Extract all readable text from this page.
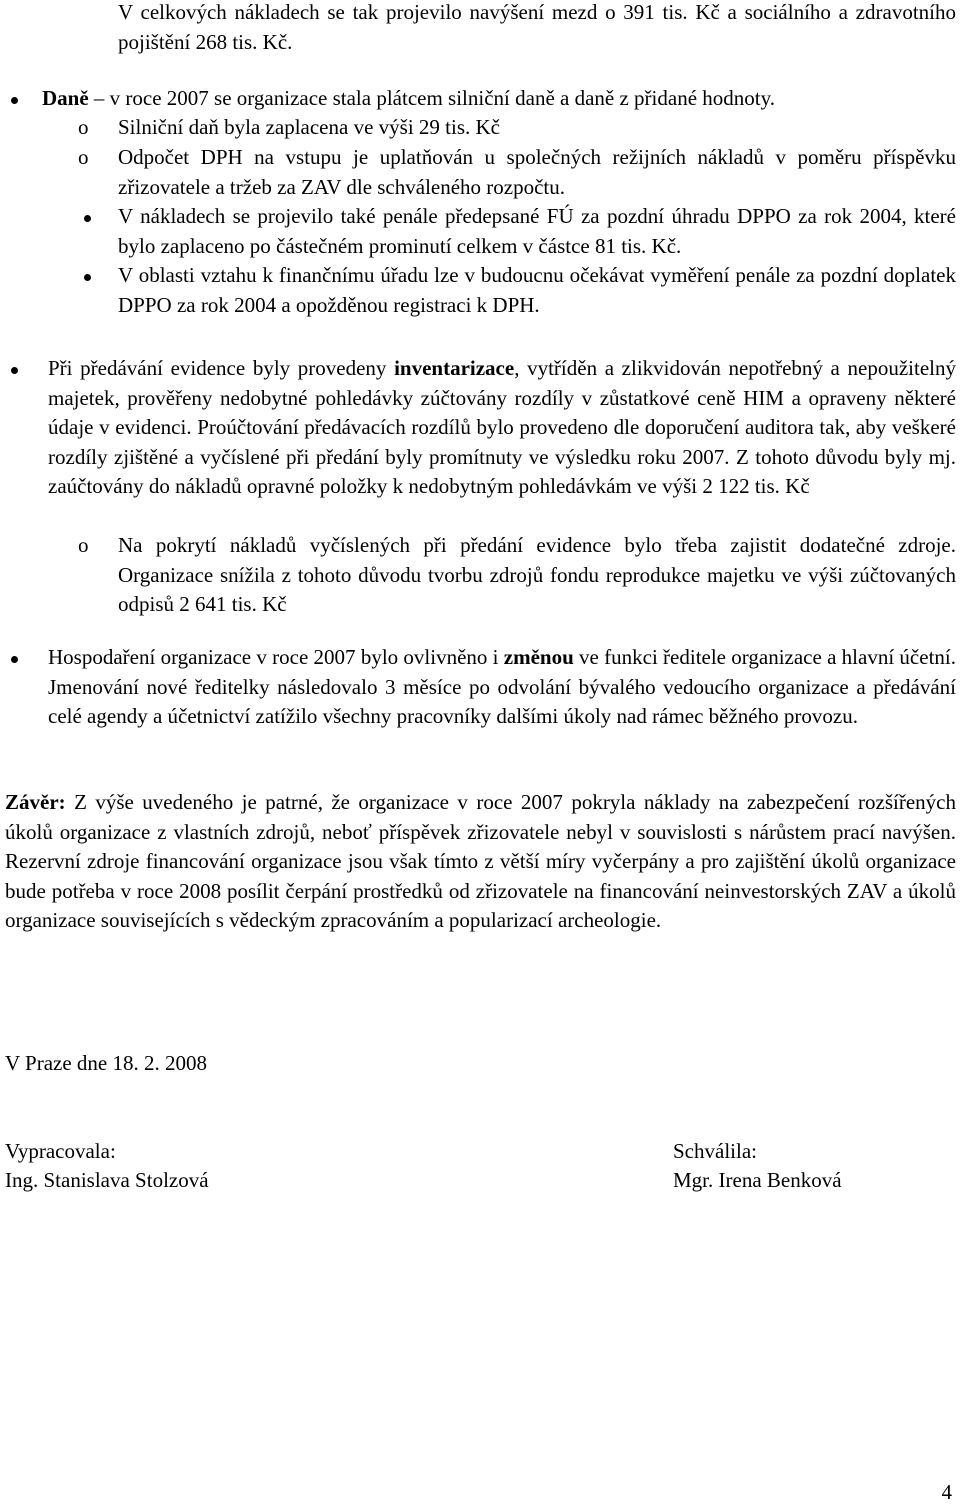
V celkových nákladech se tak projevilo navýšení mezd o 391 tis. Kč a sociálního a zdravotního pojištění 268 tis. Kč.

Daně – v roce 2007 se organizace stala plátcem silniční daně a daně z přidané hodnoty.

o Silniční daň byla zaplacena ve výši 29 tis. Kč

o Odpočet DPH na vstupu je uplatňován u společných režijních nákladů v poměru příspěvku zřizovatele a tržeb za ZAV dle schváleného rozpočtu.

V nákladech se projevilo také penále předepsané FÚ za pozdní úhradu DPPO za rok 2004, které bylo zaplaceno po částečném prominutí celkem v částce 81 tis. Kč.

V oblasti vztahu k finančnímu úřadu lze v budoucnu očekávat vyměření penále za pozdní doplatek DPPO za rok 2004 a opožděnou registraci k DPH.

Při předávání evidence byly provedeny inventarizace, vytříděn a zlikvidován nepotřebný a nepoužitelný majetek, prověřeny nedobytné pohledávky zúčtovány rozdíly v zůstatkové ceně HIM a opraveny některé údaje v evidenci. Proúčtování předávacích rozdílů bylo provedeno dle doporučení auditora tak, aby veškeré rozdíly zjištěné a vyčíslené při předání byly promítnuty ve výsledku roku 2007. Z tohoto důvodu byly mj. zaúčtovány do nákladů opravné položky k nedobytným pohledávkám ve výši 2 122 tis. Kč

o Na pokrytí nákladů vyčíslených při předání evidence bylo třeba zajistit dodatečné zdroje. Organizace snížila z tohoto důvodu tvorbu zdrojů fondu reprodukce majetku ve výši zúčtovaných odpisů 2 641 tis. Kč

Hospodaření organizace v roce 2007 bylo ovlivněno i změnou ve funkci ředitele organizace a hlavní účetní. Jmenování nové ředitelky následovalo 3 měsíce po odvolání bývalého vedoucího organizace a předávání celé agendy a účetnictví zatížilo všechny pracovníky dalšími úkoly nad rámec běžného provozu.

Závěr: Z výše uvedeného je patrné, že organizace v roce 2007 pokryla náklady na zabezpečení rozšířených úkolů organizace z vlastních zdrojů, neboť příspěvek zřizovatele nebyl v souvislosti s nárůstem prací navýšen. Rezervní zdroje financování organizace jsou však tímto z větší míry vyčerpány a pro zajištění úkolů organizace bude potřeba v roce 2008 posílit čerpání prostředků od zřizovatele na financování neinvestorských ZAV a úkolů organizace souvisejících s vědeckým zpracováním a popularizací archeologie.

V Praze dne 18. 2. 2008
Vypracovala:
Ing. Stanislava Stolzová
Schválila:
Mgr. Irena Benková
4
